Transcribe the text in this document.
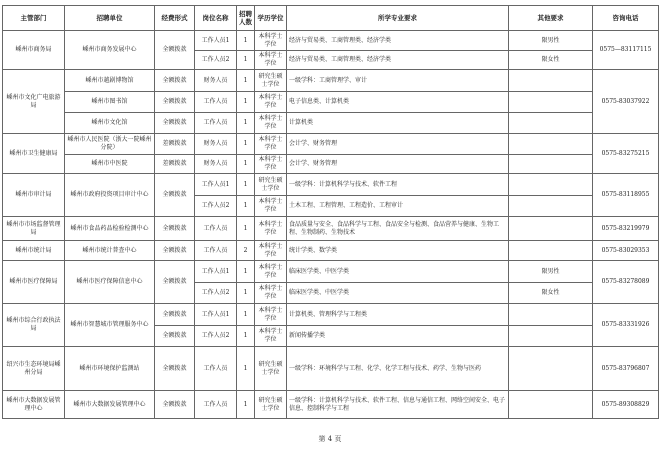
主管部门	招聘单位	经费形式	岗位名称	招聘人数	学历学位	所学专业要求	其他要求	咨询电话
嵊州市商务局	嵊州市商务发展中心	全额拨款	工作人员1	1	本科学士学位	经济与贸易类、工商管理类、经济学类	限男性	0575—83117115
			工作人员2	1	本科学士学位	经济与贸易类、工商管理类、经济学类	限女性	
嵊州市文化广电旅游局	嵊州市越剧博物馆	全额拨款	财务人员	1	研究生硕士学位	一级学科：工商管理学、审计		0575-83037922
	嵊州市图书馆	全额拨款	工作人员	1	本科学士学位	电子信息类、计算机类		
	嵊州市文化馆	全额拨款	工作人员	1	本科学士学位	计算机类		
嵊州市卫生健康局	嵊州市人民医院（浙大一院嵊州分院）	差额拨款	财务人员	1	本科学士学位	会计学、财务管理		0575-83275215
	嵊州市中医院	差额拨款	财务人员	1	本科学士学位	会计学、财务管理		
嵊州市审计局	嵊州市政府投资项目审计中心	全额拨款	工作人员1	1	研究生硕士学位	一级学科：计算机科学与技术、软件工程		0575-83118955
			工作人员2	1	本科学士学位	土木工程、工程管理、工程造价、工程审计		
嵊州市市场监督管理局	嵊州市食品药品检验检测中心	全额拨款	工作人员	1	本科学士学位	食品质量与安全、食品科学与工程、食品安全与检测、食品营养与健康、生物工程、生物制药、生物技术		0575-83219979
嵊州市统计局	嵊州市统计普查中心	全额拨款	工作人员	2	本科学士学位	统计学类、数学类		0575-83029353
嵊州市医疗保障局	嵊州市医疗保障信息中心	全额拨款	工作人员1	1	本科学士学位	临床医学类、中医学类	限男性	0575-83278089
			工作人员2	1	本科学士学位	临床医学类、中医学类	限女性	
嵊州市综合行政执法局	嵊州市智慧城市管理服务中心	全额拨款	工作人员1	1	本科学士学位	计算机类、管理科学与工程类		0575-83331926
		全额拨款	工作人员2	1	本科学士学位	新闻传播学类		
绍兴市生态环境局嵊州分局	嵊州市环境保护监测站	全额拨款	工作人员	1	研究生硕士学位	一级学科：环境科学与工程、化学、化学工程与技术、药学、生物与医药		0575-83796807
嵊州市大数据发展管理中心	嵊州市大数据发展管理中心	全额拨款	工作人员	1	研究生硕士学位	一级学科：计算机科学与技术、软件工程、信息与通信工程、网络空间安全、电子信息、控制科学与工程		0575-89308829
第 4 页
